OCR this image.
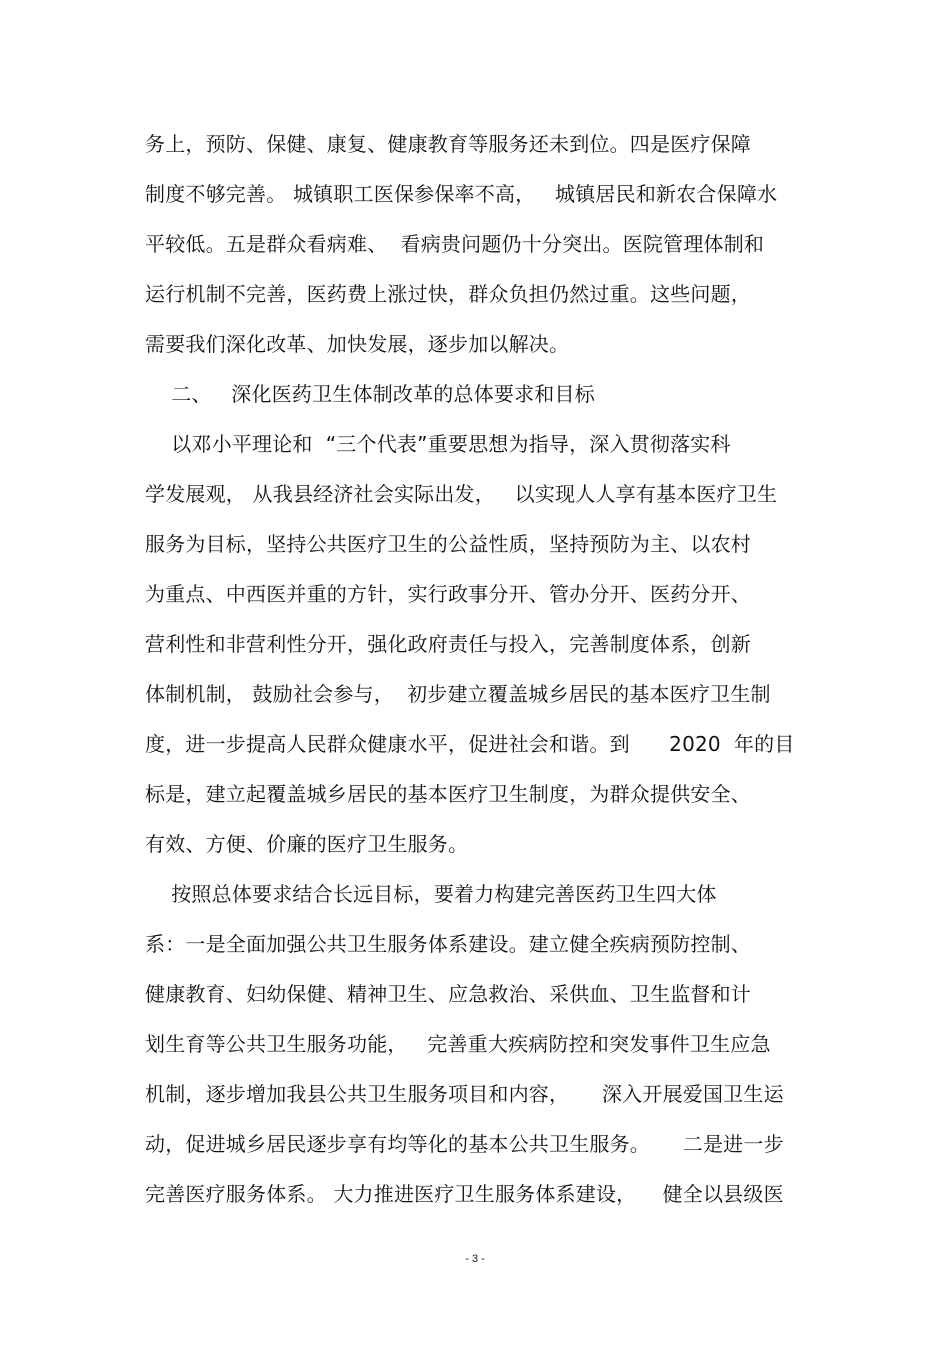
务上，预防、保健、康复、健康教育等服务还未到位。四是医疗保障
制度不够完善。 城镇职工医保参保率不高，   城镇居民和新农合保障水
平较低。五是群众看病难、  看病贵问题仍十分突出。医院管理体制和
运行机制不完善，医药费上涨过快，群众负担仍然过重。这些问题，
需要我们深化改革、加快发展，逐步加以解决。
二、   深化医药卫生体制改革的总体要求和目标
以邓小平理论和  “三个代表”重要思想为指导，深入贯彻落实科
学发展观， 从我县经济社会实际出发，   以实现人人享有基本医疗卫生
服务为目标，坚持公共医疗卫生的公益性质，坚持预防为主、以农村
为重点、中西医并重的方针，实行政事分开、管办分开、医药分开、
营利性和非营利性分开，强化政府责任与投入，完善制度体系，创新
体制机制， 鼓励社会参与，  初步建立覆盖城乡居民的基本医疗卫生制
度，进一步提高人民群众健康水平，促进社会和谐。到      2020  年的目
标是，建立起覆盖城乡居民的基本医疗卫生制度，为群众提供安全、
有效、方便、价廉的医疗卫生服务。
按照总体要求结合长远目标，要着力构建完善医药卫生四大体
系：一是全面加强公共卫生服务体系建设。建立健全疾病预防控制、
健康教育、妇幼保健、精神卫生、应急救治、采供血、卫生监督和计
划生育等公共卫生服务功能，   完善重大疾病防控和突发事件卫生应急
机制，逐步增加我县公共卫生服务项目和内容，     深入开展爱国卫生运
动，促进城乡居民逐步享有均等化的基本公共卫生服务。     二是进一步
完善医疗服务体系。 大力推进医疗卫生服务体系建设，    健全以县级医
- 3 -
